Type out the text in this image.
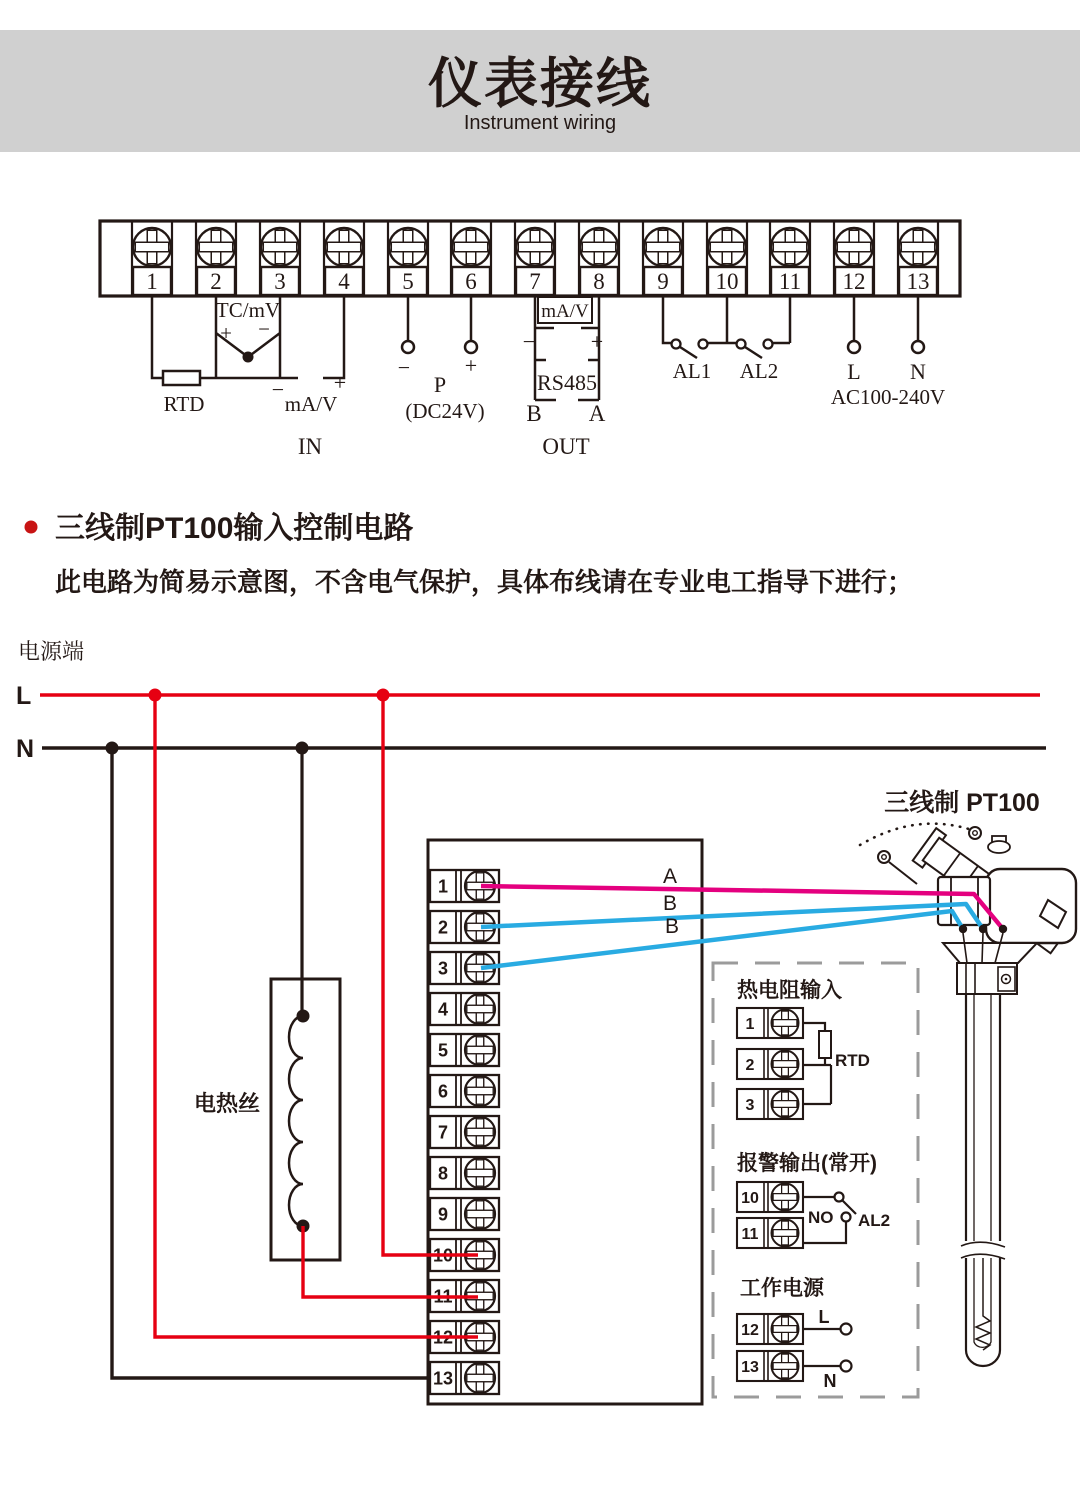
仪表接线
Instrument wiring
1 2 3 4 5 6 7 8 9 10 11 12 13
TC/mV
+ −
RTD
−
mA/V
+
IN
− +
P
(DC24V)
mA/V
−	+
RS485
B A
OUT
AL1 AL2	L N
AC100-240V
三线制PT100输入控制电路
此电路为简易示意图，不含电气保护，具体布线请在专业电工指导下进行；
电源端
L
N
电热丝
1
2
3
4
5
6
7
8
9
10
11
12
13
三线制 PT100
A
B
B
热电阻输入
RTD
1
2
3
报警输出(常开)
NO AL2
10
11
工作电源
L
N
12
13
